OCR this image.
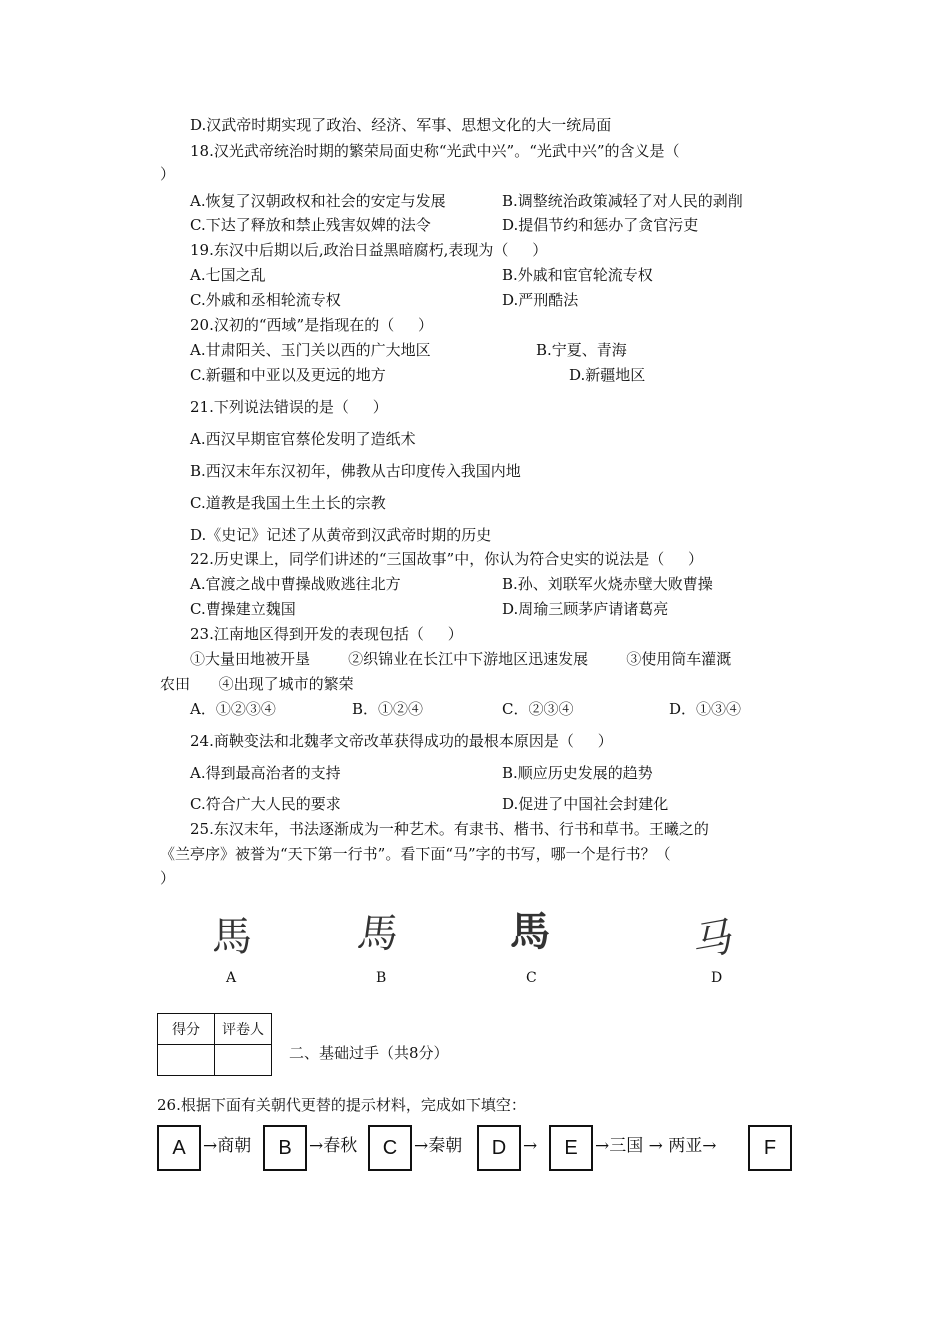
D.汉武帝时期实现了政治、经济、军事、思想文化的大一统局面
18.汉光武帝统治时期的繁荣局面史称“光武中兴”。“光武中兴”的含义是（
）
A.恢复了汉朝政权和社会的安定与发展	B.调整统治政策减轻了对人民的剥削
C.下达了释放和禁止残害奴婢的法令	D.提倡节约和惩办了贪官污吏
19.东汉中后期以后,政治日益黑暗腐朽,表现为（     ）
A.七国之乱	B.外戚和宦官轮流专权
C.外戚和丞相轮流专权	D.严刑酷法
20.汉初的“西域”是指现在的（     ）
A.甘肃阳关、玉门关以西的广大地区	B.宁夏、青海
C.新疆和中亚以及更远的地方	D.新疆地区
21.下列说法错误的是（     ）
A.西汉早期宦官蔡伦发明了造纸术
B.西汉末年东汉初年，佛教从古印度传入我国内地
C.道教是我国土生土长的宗教
D.《史记》记述了从黄帝到汉武帝时期的历史
22.历史课上，同学们讲述的“三国故事”中，你认为符合史实的说法是（     ）
A.官渡之战中曹操战败逃往北方	B.孙、刘联军火烧赤壁大败曹操
C.曹操建立魏国	D.周瑜三顾茅庐请诸葛亮
23.江南地区得到开发的表现包括（     ）
①大量田地被开垦        ②织锦业在长江中下游地区迅速发展        ③使用筒车灌溉
农田      ④出现了城市的繁荣
A．①②③④	B．①②④	C．②③④	D．①③④
24.商鞅变法和北魏孝文帝改革获得成功的最根本原因是（     ）
A.得到最高治者的支持	B.顺应历史发展的趋势
C.符合广大人民的要求	D.促进了中国社会封建化
25.东汉末年，书法逐渐成为一种艺术。有隶书、楷书、行书和草书。王曦之的
《兰亭序》被誉为“天下第一行书”。看下面“马”字的书写，哪一个是行书？（
）
馬	馬	馬	马
A	B	C	D
得分	评卷人

二、基础过手（共8分）
26.根据下面有关朝代更替的提示材料，完成如下填空：
A	→商朝	B	→春秋	C →秦朝	D →	E	→三国 → 两亚→	F
